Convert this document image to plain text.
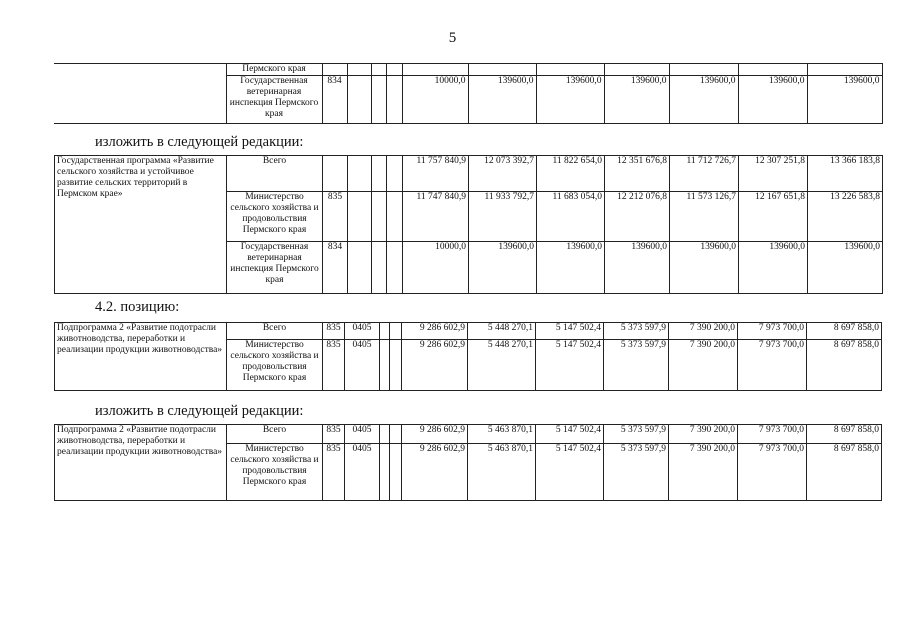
5
	Пермского края											
	Государственная ветеринарная инспекция Пермского края	834				10000,0	139600,0	139600,0	139600,0	139600,0	139600,0	139600,0
изложить в следующей редакции:
Государственная программа «Развитие сельского хозяйства и устойчивое развитие сельских территорий в Пермском крае»	Всего					11 757 840,9	12 073 392,7	11 822 654,0	12 351 676,8	11 712 726,7	12 307 251,8	13 366 183,8
	Министерство сельского хозяйства и продовольствия Пермского края	835				11 747 840,9	11 933 792,7	11 683 054,0	12 212 076,8	11 573 126,7	12 167 651,8	13 226 583,8
	Государственная ветеринарная инспекция Пермского края	834				10000,0	139600,0	139600,0	139600,0	139600,0	139600,0	139600,0
4.2. позицию:
Подпрограмма 2 «Развитие подотрасли животноводства, переработки и реализации продукции животноводства»	Всего	835	0405			9 286 602,9	5 448 270,1	5 147 502,4	5 373 597,9	7 390 200,0	7 973 700,0	8 697 858,0
	Министерство сельского хозяйства и продовольствия Пермского края	835	0405			9 286 602,9	5 448 270,1	5 147 502,4	5 373 597,9	7 390 200,0	7 973 700,0	8 697 858,0
изложить в следующей редакции:
Подпрограмма 2 «Развитие подотрасли животноводства, переработки и реализации продукции животноводства»	Всего	835	0405			9 286 602,9	5 463 870,1	5 147 502,4	5 373 597,9	7 390 200,0	7 973 700,0	8 697 858,0
	Министерство сельского хозяйства и продовольствия Пермского края	835	0405			9 286 602,9	5 463 870,1	5 147 502,4	5 373 597,9	7 390 200,0	7 973 700,0	8 697 858,0
